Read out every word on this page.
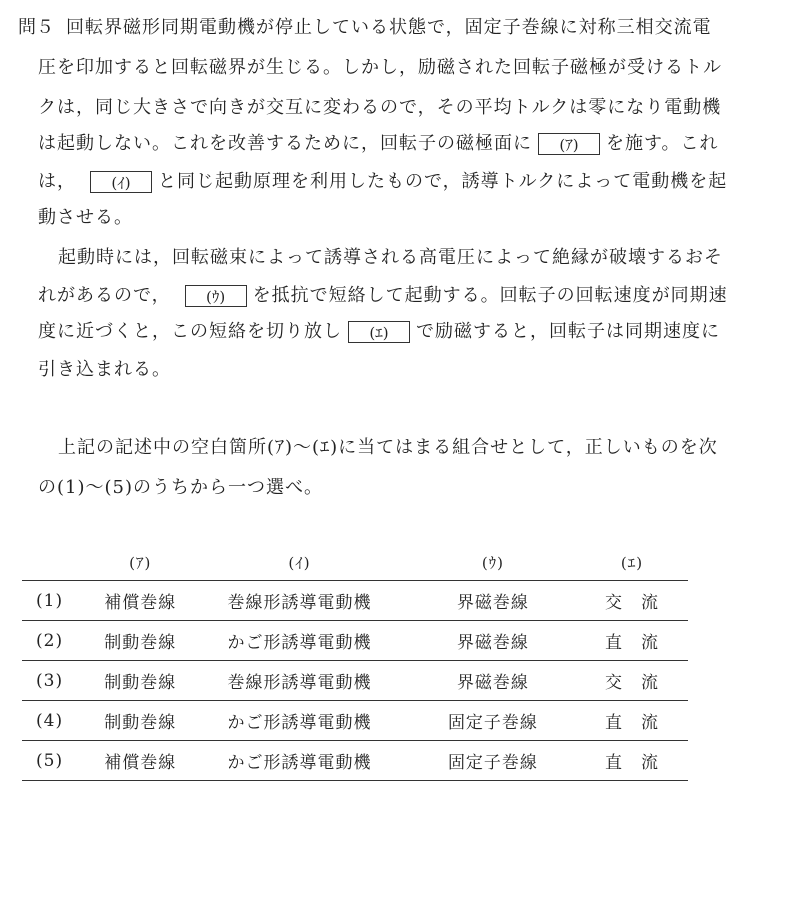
問５ 回転界磁形同期電動機が停止している状態で，固定子巻線に対称三相交流電
圧を印加すると回転磁界が生じる。しかし，励磁された回転子磁極が受けるトル
クは，同じ大きさで向きが交互に変わるので，その平均トルクは零になり電動機
は起動しない。これを改善するために，回転子の磁極面に (ｱ) を施す。これ
は， (ｲ) と同じ起動原理を利用したもので，誘導トルクによって電動機を起
動させる。
起動時には，回転磁束によって誘導される高電圧によって絶縁が破壊するおそ
れがあるので， (ｳ) を抵抗で短絡して起動する。回転子の回転速度が同期速
度に近づくと，この短絡を切り放し (ｴ) で励磁すると，回転子は同期速度に
引き込まれる。
上記の記述中の空白箇所(ｱ)～(ｴ)に当てはまる組合せとして，正しいものを次
の(1)～(5)のうちから一つ選べ。
	(ｱ)	(ｲ)	(ｳ)	(ｴ)
(1)	補償巻線	巻線形誘導電動機	界磁巻線	交　流
(2)	制動巻線	かご形誘導電動機	界磁巻線	直　流
(3)	制動巻線	巻線形誘導電動機	界磁巻線	交　流
(4)	制動巻線	かご形誘導電動機	固定子巻線	直　流
(5)	補償巻線	かご形誘導電動機	固定子巻線	直　流
